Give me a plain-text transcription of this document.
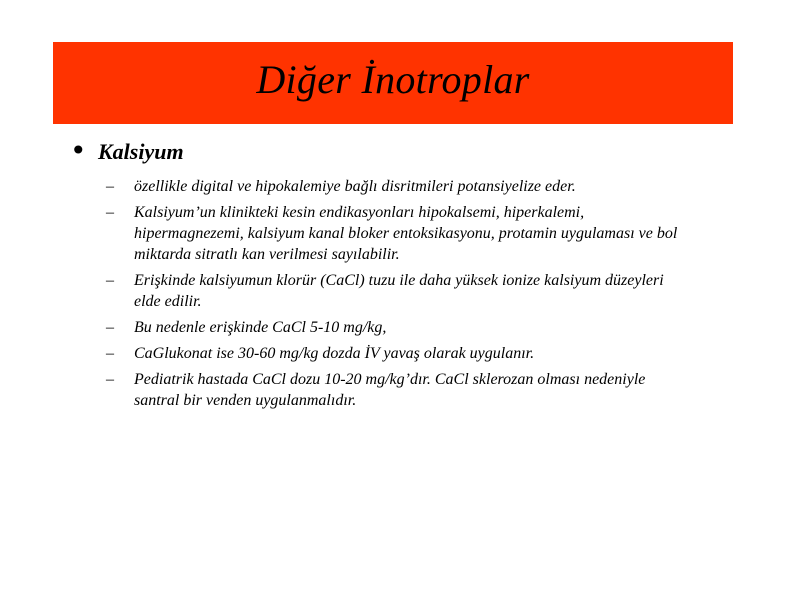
Diğer İnotroplar
• Kalsiyum
–	özellikle digital ve hipokalemiye bağlı disritmileri potansiyelize eder.
–	Kalsiyum’un klinikteki kesin endikasyonları hipokalsemi, hiperkalemi, hipermagnezemi, kalsiyum kanal bloker entoksikasyonu, protamin uygulaması ve bol miktarda sitratlı kan verilmesi sayılabilir.
–	Erişkinde kalsiyumun klorür (CaCl) tuzu ile daha yüksek ionize kalsiyum düzeyleri elde edilir.
–	Bu nedenle erişkinde CaCl 5-10 mg/kg,
–	CaGlukonat ise 30-60 mg/kg dozda İV yavaş olarak uygulanır.
–	Pediatrik hastada CaCl dozu 10-20 mg/kg’dır. CaCl sklerozan olması nedeniyle santral bir venden uygulanmalıdır.
